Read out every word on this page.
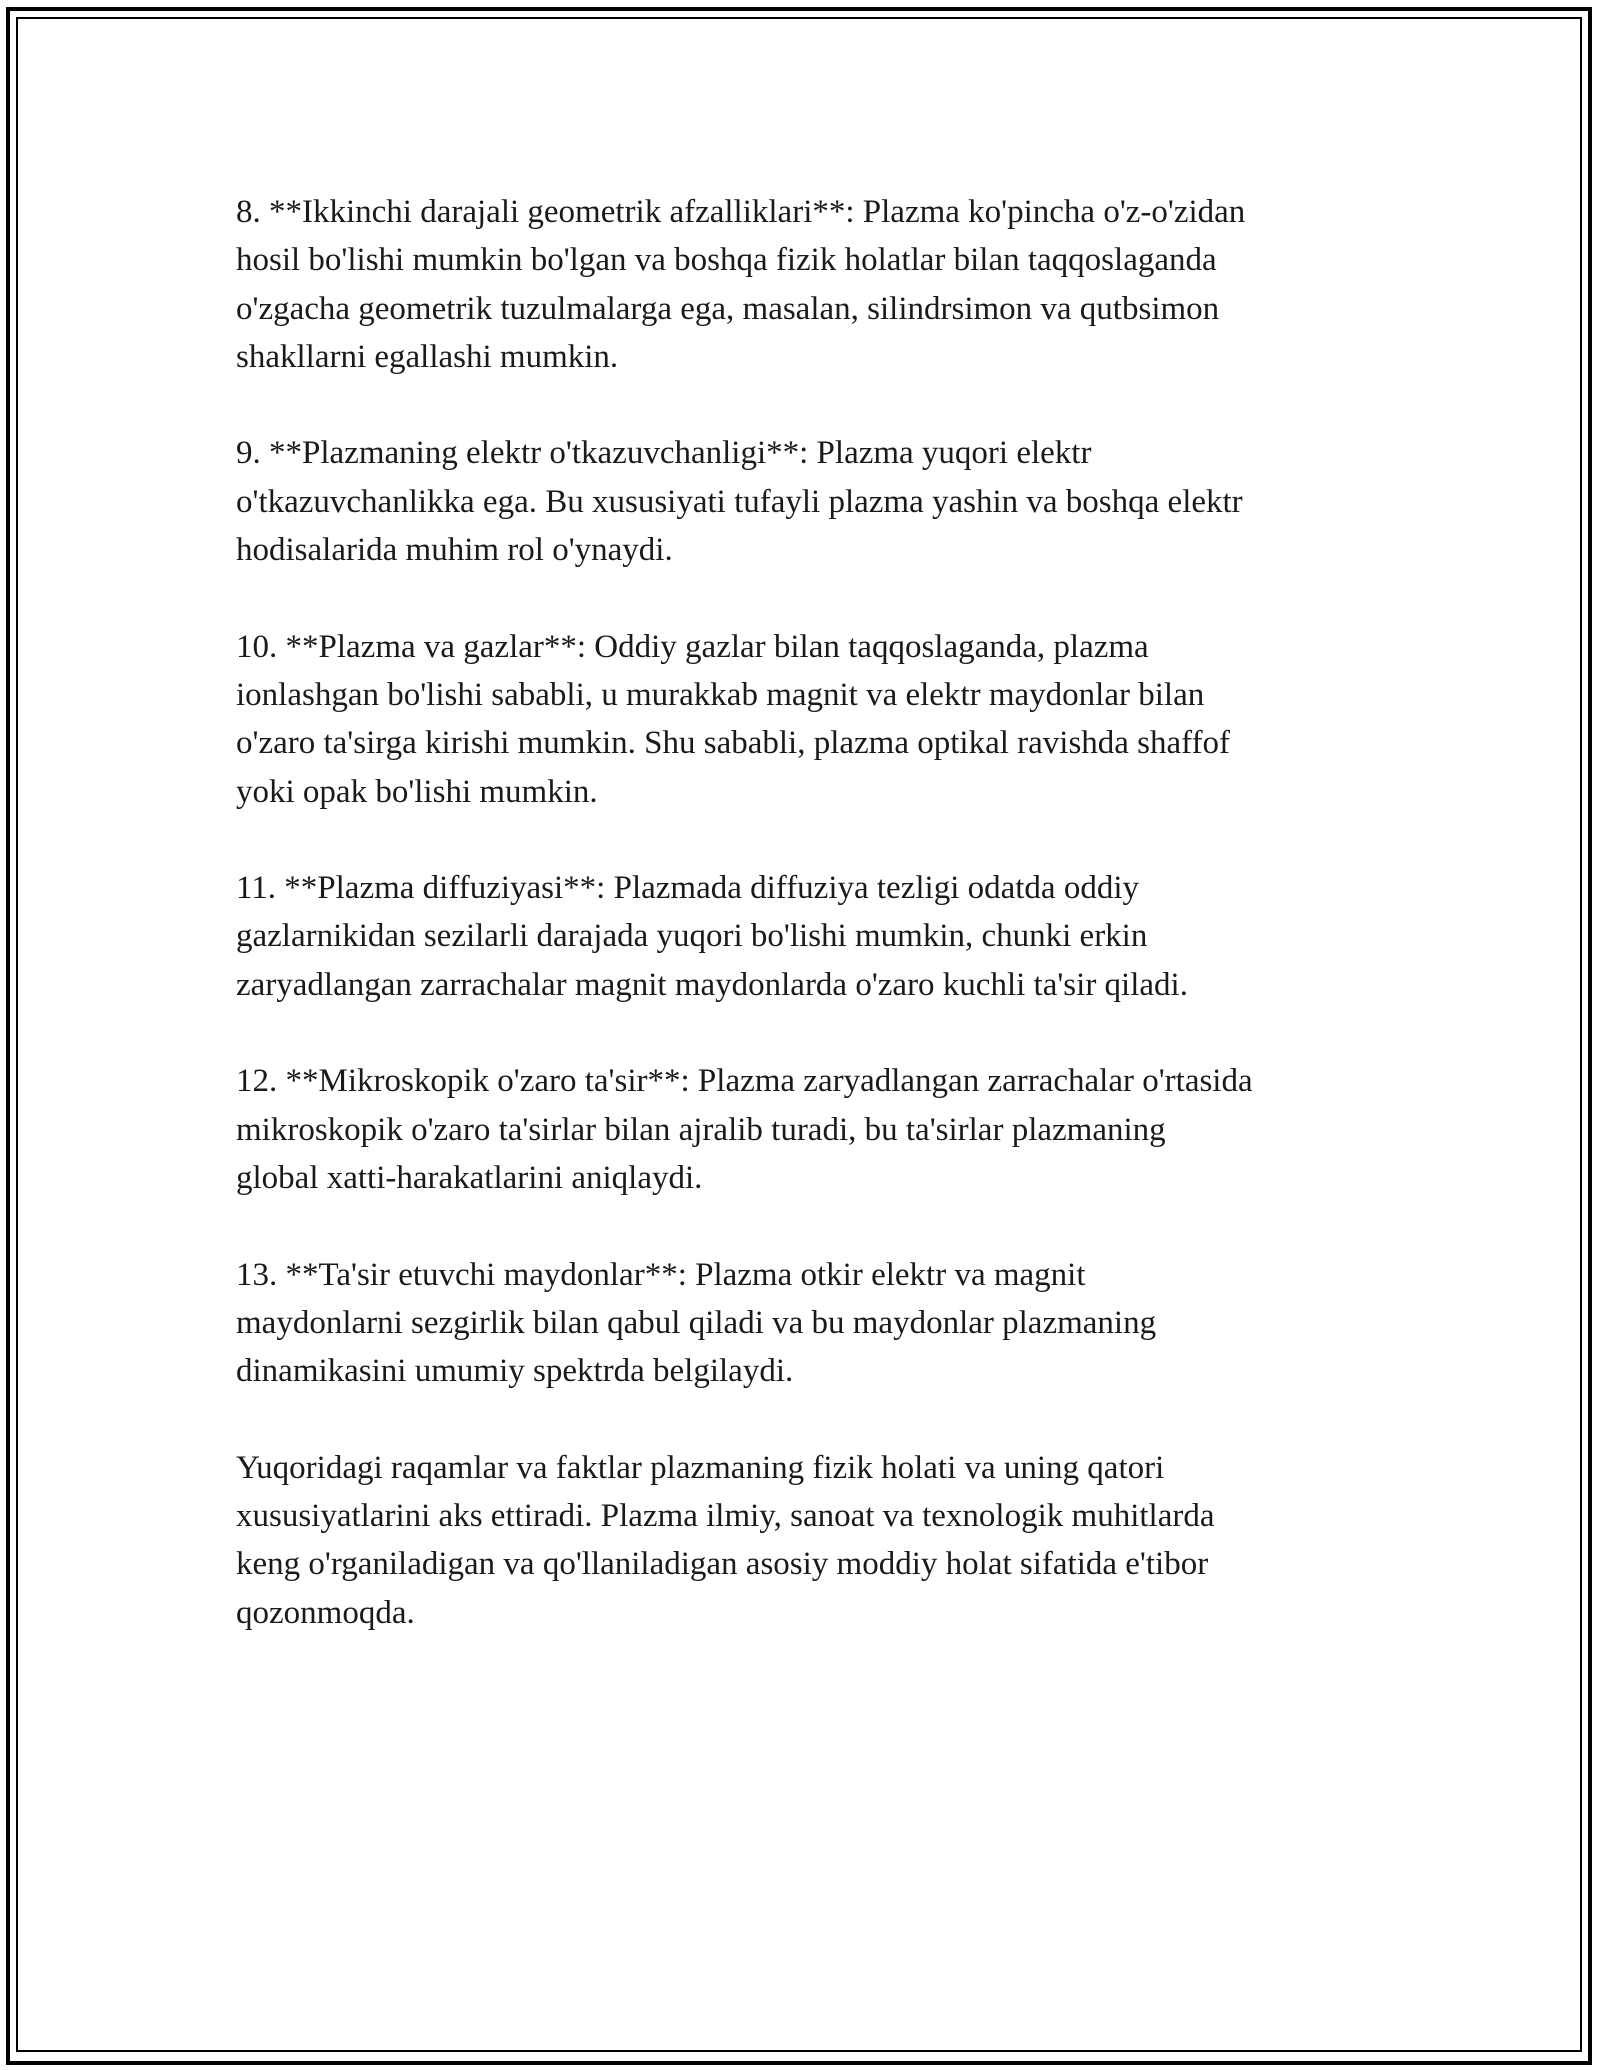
8. **Ikkinchi darajali geometrik afzalliklari**: Plazma ko'pincha o'z-o'zidan
hosil bo'lishi mumkin bo'lgan va boshqa fizik holatlar bilan taqqoslaganda
o'zgacha geometrik tuzulmalarga ega, masalan, silindrsimon va qutbsimon
shakllarni egallashi mumkin.

9. **Plazmaning elektr o'tkazuvchanligi**: Plazma yuqori elektr
o'tkazuvchanlikka ega. Bu xususiyati tufayli plazma yashin va boshqa elektr
hodisalarida muhim rol o'ynaydi.

10. **Plazma va gazlar**: Oddiy gazlar bilan taqqoslaganda, plazma
ionlashgan bo'lishi sababli, u murakkab magnit va elektr maydonlar bilan
o'zaro ta'sirga kirishi mumkin. Shu sababli, plazma optikal ravishda shaffof
yoki opak bo'lishi mumkin.

11. **Plazma diffuziyasi**: Plazmada diffuziya tezligi odatda oddiy
gazlarnikidan sezilarli darajada yuqori bo'lishi mumkin, chunki erkin
zaryadlangan zarrachalar magnit maydonlarda o'zaro kuchli ta'sir qiladi.

12. **Mikroskopik o'zaro ta'sir**: Plazma zaryadlangan zarrachalar o'rtasida
mikroskopik o'zaro ta'sirlar bilan ajralib turadi, bu ta'sirlar plazmaning
global xatti-harakatlarini aniqlaydi.

13. **Ta'sir etuvchi maydonlar**: Plazma otkir elektr va magnit
maydonlarni sezgirlik bilan qabul qiladi va bu maydonlar plazmaning
dinamikasini umumiy spektrda belgilaydi.

Yuqoridagi raqamlar va faktlar plazmaning fizik holati va uning qatori
xususiyatlarini aks ettiradi. Plazma ilmiy, sanoat va texnologik muhitlarda
keng o'rganiladigan va qo'llaniladigan asosiy moddiy holat sifatida e'tibor
qozonmoqda.
